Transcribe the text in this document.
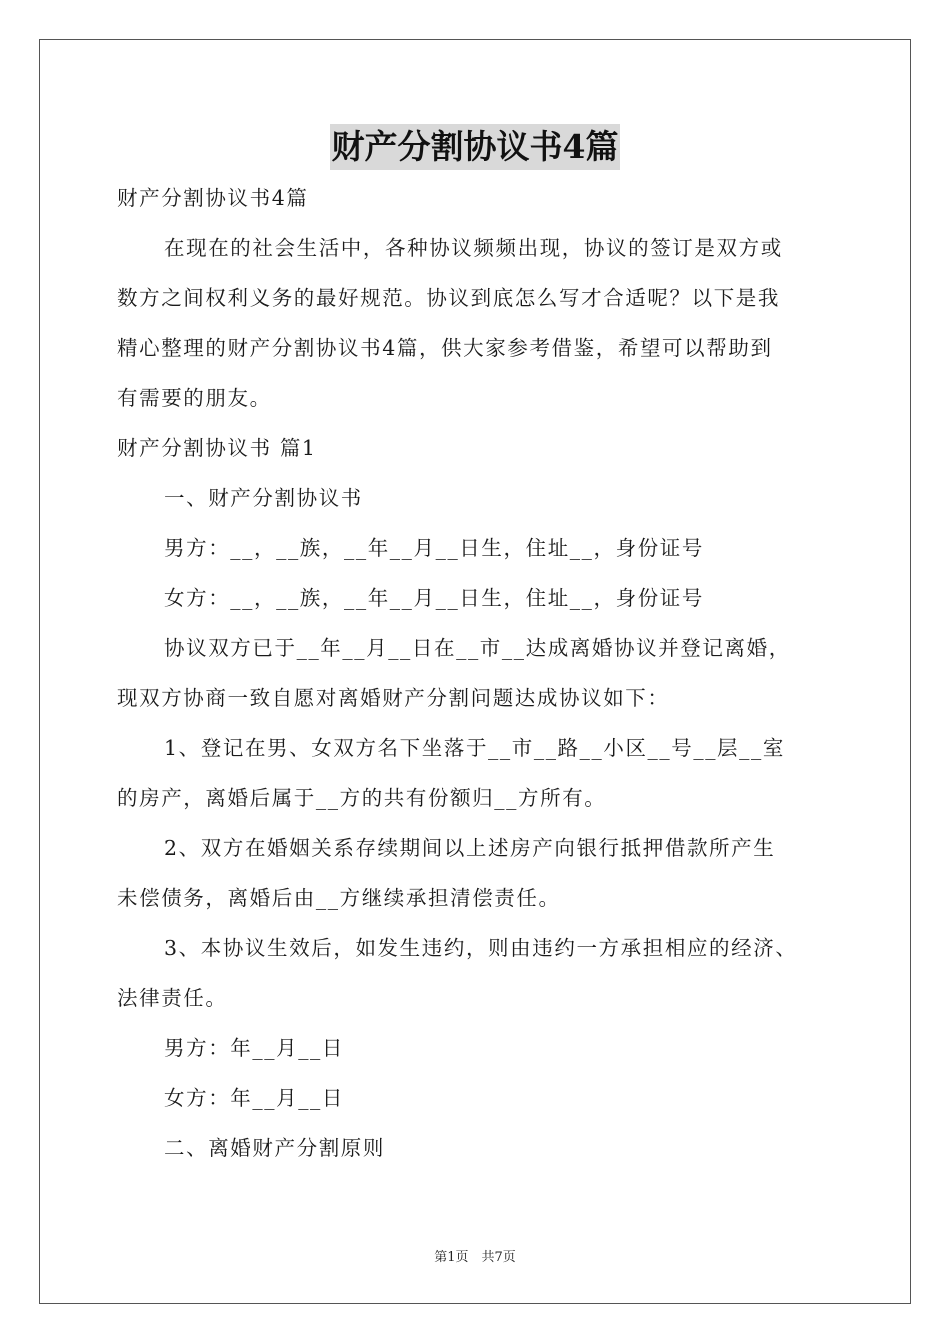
财产分割协议书4篇
财产分割协议书4篇
在现在的社会生活中，各种协议频频出现，协议的签订是双方或
数方之间权利义务的最好规范。协议到底怎么写才合适呢？以下是我
精心整理的财产分割协议书4篇，供大家参考借鉴，希望可以帮助到
有需要的朋友。
财产分割协议书 篇1
一、财产分割协议书
男方：__，__族，__年__月__日生，住址__，身份证号
女方：__，__族，__年__月__日生，住址__，身份证号
协议双方已于__年__月__日在__市__达成离婚协议并登记离婚，
现双方协商一致自愿对离婚财产分割问题达成协议如下：
1、登记在男、女双方名下坐落于__市__路__小区__号__层__室
的房产，离婚后属于__方的共有份额归__方所有。
2、双方在婚姻关系存续期间以上述房产向银行抵押借款所产生
未偿债务，离婚后由__方继续承担清偿责任。
3、本协议生效后，如发生违约，则由违约一方承担相应的经济、
法律责任。
男方：年__月__日
女方：年__月__日
二、离婚财产分割原则
第1页　共7页
